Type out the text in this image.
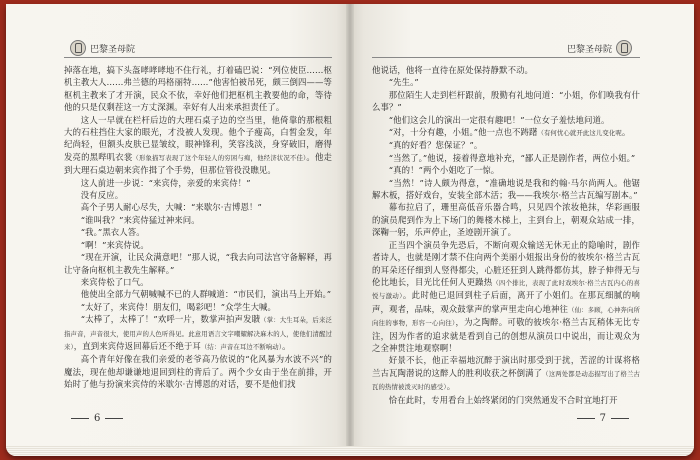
巴黎圣母院

掉落在地，搞下头盔哮哮哮地不住行礼，打着磕巴说：“列位使臣……枢机主教大人……弗兰德的玛格丽特……”他害怕被吊死，颇三倒四——等枢机主教来了才开演，民众不依，幸好他们把枢机主教要他的命，等待他的只是仅剩茬这一方丈深渊。幸好有人出来承担责任了。

这人一早就在栏杆后边的大理石桌子边的空当里，他倚靠的那根粗大的石柱挡住大家的眼光，才没被人发现。他个子瘦高，白皙金发，年纪尚轻，但额头皮肤已显皱纹，眼神锋利，笑容浅淡，身穿破旧，磨得发亮的黑哔叽衣裳（形象描写表现了这个年轻人的穷困与痴，他经济状况不佳）。他走到大理石桌边朝来宾作揖了个手势，但那位管役没瞧见。

这人前进一步说：“来宾侍，亲爱的来宾侍！”

没有反应。

高个子男人耐心尽失，大喊：“来歇尔·吉博恩！”

“谁叫我？”来宾侍猛过神来问。

“我。”黑衣人答。

“啊！”来宾侍说。

“现在开演，让民众满意吧！”那人说，“我去向司法宫守备解释，再让守备向枢机主教先生解释。”

来宾侍松了口气。

他使出全部力气朝喊喊不已的人群喊道：“市民们，演出马上开始。”

“太好了，来宾侍！朋友们，喝彩吧！”众学生大喊。

“太棒了，太棒了！”欢呼一片，数掌声拍声发聩（掌：大生耳朵，后来泛指声音，声音很大，使用声的人色听得见。此意用语言文字嘲耀解决麻木的人，使他们清醒过来），直到来宾侍返回幕后还不绝于耳（结：声音在耳边不断响动）。

高个青年好像在我们亲爱的老爷高乃依说的“化风暴为水波不兴”的魔法，现在他却谦谦地退回到柱的背后了。两个少女由于坐在前排，开始时了他与扮演来宾侍的米歇尔·吉博恩的对话，要不是他们找

6
巴黎圣母院

他说话，他将一直待在原处保持静默不动。

“先生。”

那位陌生人走到栏杆跟前，殷勤有礼地问道：“小姐，你们唤我有什么事？”

“他们这会儿的演出一定很有趣吧！”一位女子羞怯地问道。

“对，十分有趣，小姐。”他一点也不踌躇（有何忧心就开此这儿变化呢。

“真的好看？您保证？”。

“当然了。”他说，接着得意地补充，“鄙人正是剧作者，两位小姐。”

“真的！”两个小姐吃了一惊。

“当然！”诗人颇为得意，“准确地说是我和约翰·马尔尚两人。他锯解木板，搭好戏台，安装全部木活；我——我埃尔·格兰古瓦编写剧本。”

幕布拉启了，珊里高低音乐器合鸣，只见四个浓妆艳抹，华彩画服的演员爬到作为上下场门的舞楼木梯上，主到台上，朝观众站成一排，深鞠一躬，乐声停止，圣迹剧开演了。

正当四个演员争先恐后，不断向观众输送无休无止的隐喻时，剧作者诗人，也就是刚才禁不住向两个美丽小姐报出身份的彼埃尔·格兰古瓦的耳朵还仔细到人竖得都尖，心脏还狂到人跳得都仿其，脖子伸得无与伦比地长，目光比任何人更躁热（四个排比，表现了此时戏埃尔·格兰古瓦内心的喜悦与激动）。此时他已退回到柱子后面，离开了小姐们。在那瓦细腻的响声，观者，品味，观众鼓掌声的掌声里走向心地神往（仙：多顾，心神奔向所向往的事物，形容一心向往），为之陶醉。可敬的彼埃尔·格兰古瓦稍体无比专注，因为作者的追求就是看到自己的创想从演员口中说出，而让观众为之全神贯注地观察啊！

好景不长，他正幸福地沉醉于演出时那受到于扰，苦涩的计谋将格兰古瓦陶潜说的这醉人的胜利收获之杯倒满了（这两处都是动态描写出了格兰古瓦的热情被泼灭时的感受）。

恰在此时，专用看台上始终紧闭的门突然通发不合时宜地打开

7
